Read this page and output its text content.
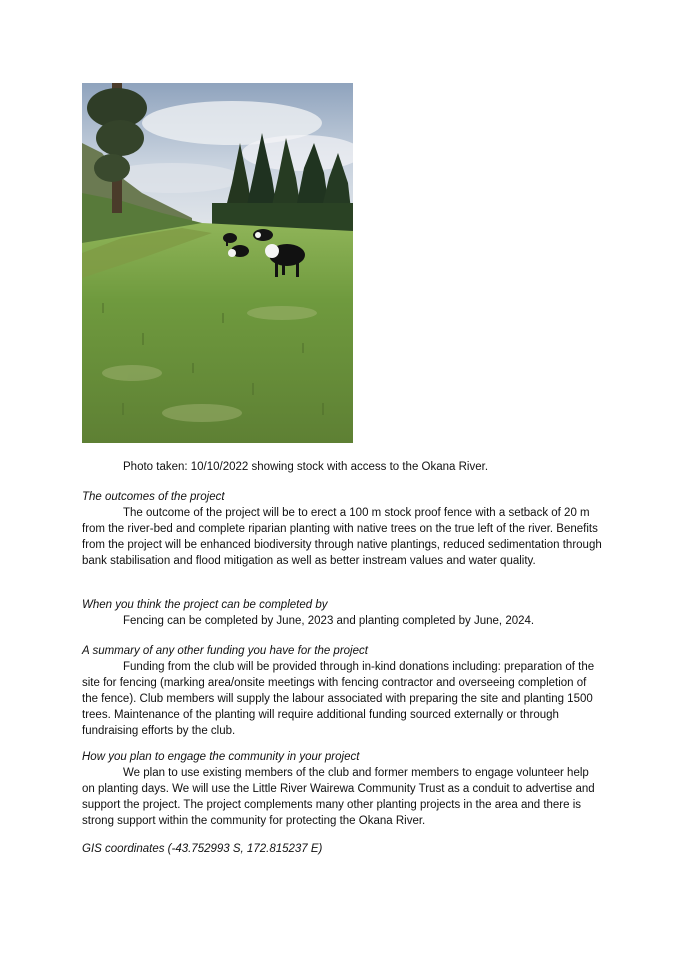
Photo taken: 10/10/2022 showing stock with access to the Okana River.
The outcomes of the project

The outcome of the project will be to erect a 100 m stock proof fence with a setback of 20 m from the river-bed and complete riparian planting with native trees on the true left of the river. Benefits from the project will be enhanced biodiversity through native plantings, reduced sedimentation through bank stabilisation and flood mitigation as well as better instream values and water quality.

When you think the project can be completed by

Fencing can be completed by June, 2023 and planting completed by June, 2024.

A summary of any other funding you have for the project

Funding from the club will be provided through in-kind donations including: preparation of the site for fencing (marking area/onsite meetings with fencing contractor and overseeing completion of the fence). Club members will supply the labour associated with preparing the site and planting 1500 trees. Maintenance of the planting will require additional funding sourced externally or through fundraising efforts by the club.

How you plan to engage the community in your project

We plan to use existing members of the club and former members to engage volunteer help on planting days. We will use the Little River Wairewa Community Trust as a conduit to advertise and support the project. The project complements many other planting projects in the area and there is strong support within the community for protecting the Okana River.

GIS coordinates (-43.752993 S, 172.815237 E)
